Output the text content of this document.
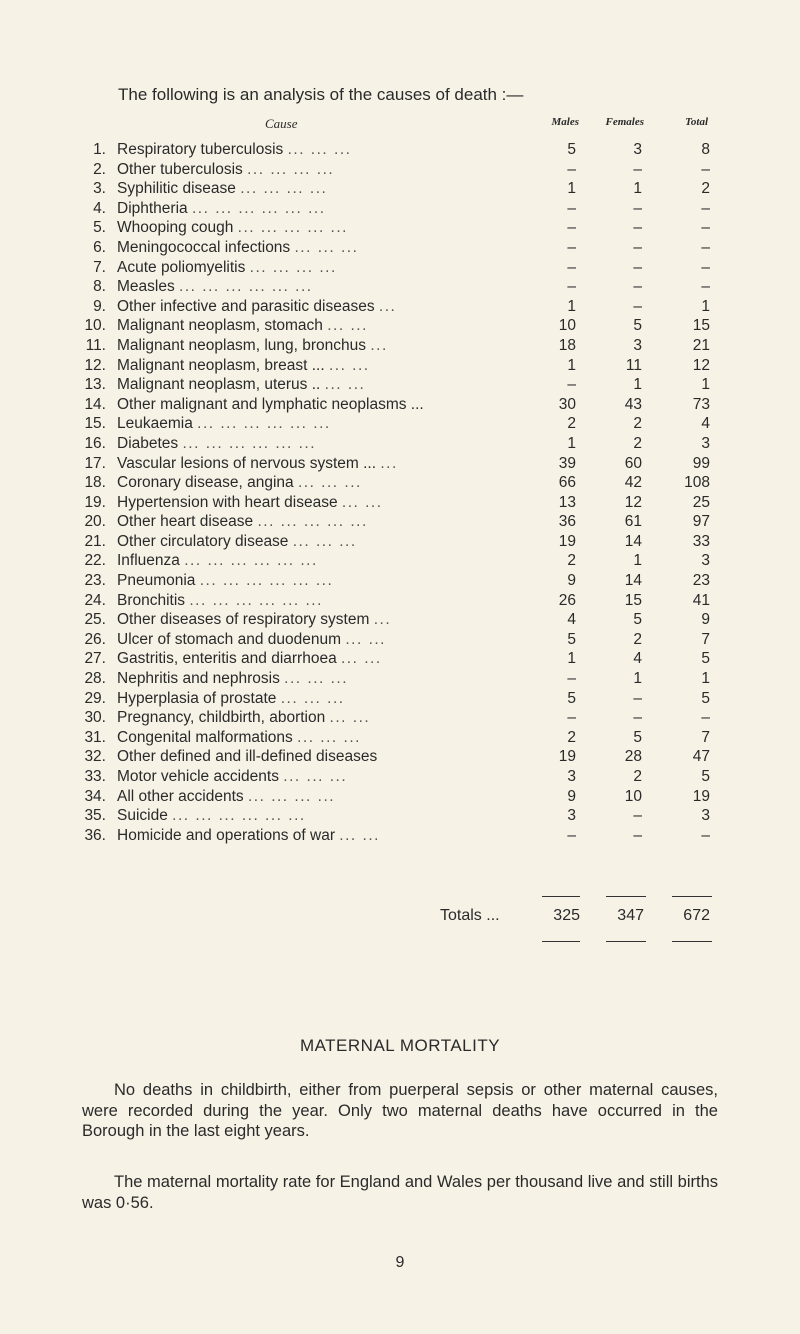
The following is an analysis of the causes of death :—
Cause	Males	Females	Total
1. Respiratory tuberculosis ... ... ...	5	3	8
2. Other tuberculosis ... ... ... ...	–	–	–
3. Syphilitic disease ... ... ... ...	1	1	2
4. Diphtheria ... ... ... ... ... ...	–	–	–
5. Whooping cough ... ... ... ... ...	–	–	–
6. Meningococcal infections ... ... ...	–	–	–
7. Acute poliomyelitis ... ... ... ...	–	–	–
8. Measles ... ... ... ... ... ...	–	–	–
9. Other infective and parasitic diseases ...	1	–	1
10. Malignant neoplasm, stomach ... ...	10	5	15
11. Malignant neoplasm, lung, bronchus ...	18	3	21
12. Malignant neoplasm, breast ... ... ...	1	11	12
13. Malignant neoplasm, uterus .. ... ...	–	1	1
14. Other malignant and lymphatic neoplasms ...	30	43	73
15. Leukaemia ... ... ... ... ... ...	2	2	4
16. Diabetes ... ... ... ... ... ...	1	2	3
17. Vascular lesions of nervous system ... ...	39	60	99
18. Coronary disease, angina ... ... ...	66	42	108
19. Hypertension with heart disease ... ...	13	12	25
20. Other heart disease ... ... ... ... ...	36	61	97
21. Other circulatory disease ... ... ...	19	14	33
22. Influenza ... ... ... ... ... ...	2	1	3
23. Pneumonia ... ... ... ... ... ...	9	14	23
24. Bronchitis ... ... ... ... ... ...	26	15	41
25. Other diseases of respiratory system ...	4	5	9
26. Ulcer of stomach and duodenum ... ...	5	2	7
27. Gastritis, enteritis and diarrhoea ... ...	1	4	5
28. Nephritis and nephrosis ... ... ...	–	1	1
29. Hyperplasia of prostate ... ... ...	5	–	5
30. Pregnancy, childbirth, abortion ... ...	–	–	–
31. Congenital malformations ... ... ...	2	5	7
32. Other defined and ill-defined diseases	19	28	47
33. Motor vehicle accidents ... ... ...	3	2	5
34. All other accidents ... ... ... ...	9	10	19
35. Suicide ... ... ... ... ... ...	3	–	3
36. Homicide and operations of war ... ...	–	–	–
Totals ...	325	347	672
MATERNAL MORTALITY
No deaths in childbirth, either from puerperal sepsis or other maternal causes, were recorded during the year. Only two maternal deaths have occurred in the Borough in the last eight years.
The maternal mortality rate for England and Wales per thousand live and still births was 0·56.
9
